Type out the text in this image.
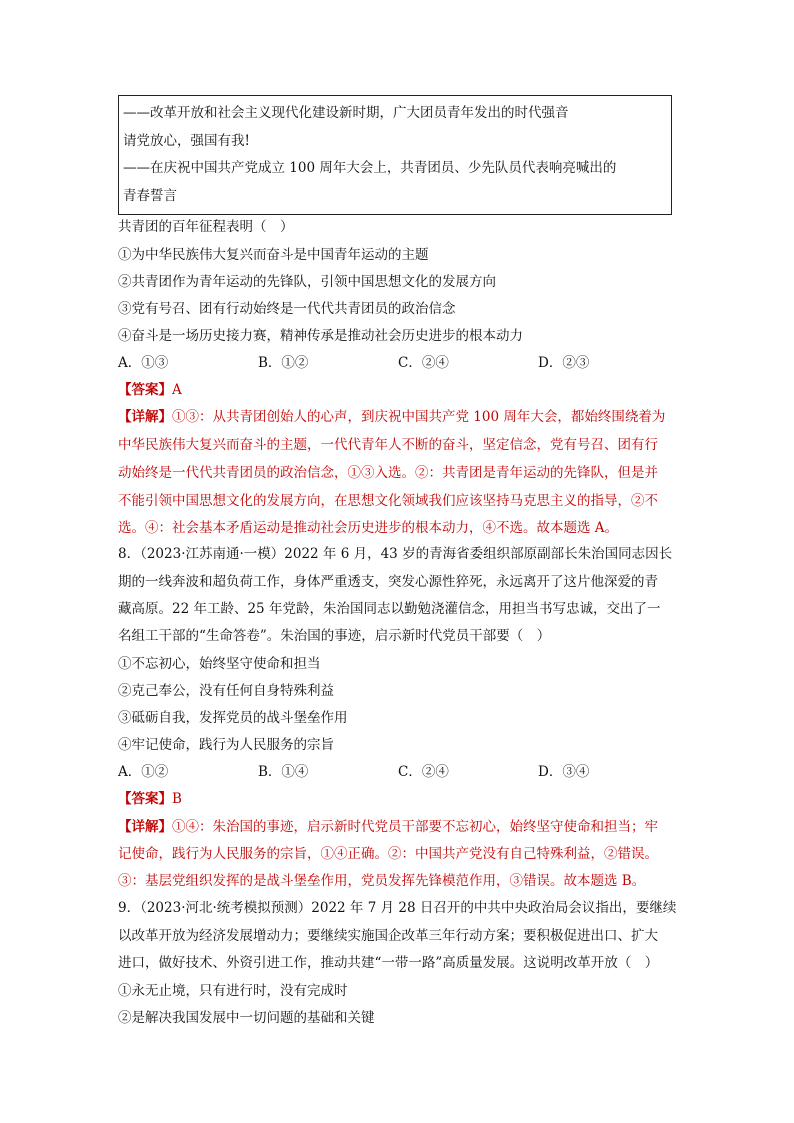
——改革开放和社会主义现代化建设新时期，广大团员青年发出的时代强音
请党放心，强国有我!
——在庆祝中国共产党成立 100 周年大会上，共青团员、少先队员代表响亮喊出的
青春誓言
共青团的百年征程表明（　）
①为中华民族伟大复兴而奋斗是中国青年运动的主题
②共青团作为青年运动的先锋队，引领中国思想文化的发展方向
③党有号召、团有行动始终是一代代共青团员的政治信念
④奋斗是一场历史接力赛，精神传承是推动社会历史进步的根本动力
A．①③	B．①②	C．②④	D．②③
【答案】A
【详解】①③：从共青团创始人的心声，到庆祝中国共产党 100 周年大会，都始终围绕着为
中华民族伟大复兴而奋斗的主题，一代代青年人不断的奋斗，坚定信念，党有号召、团有行
动始终是一代代共青团员的政治信念，①③入选。②：共青团是青年运动的先锋队，但是并
不能引领中国思想文化的发展方向，在思想文化领域我们应该坚持马克思主义的指导，②不
选。④：社会基本矛盾运动是推动社会历史进步的根本动力，④不选。故本题选 A。
8．（2023·江苏南通·一模）2022 年 6 月，43 岁的青海省委组织部原副部长朱治国同志因长
期的一线奔波和超负荷工作，身体严重透支，突发心源性猝死，永远离开了这片他深爱的青
藏高原。22 年工龄、25 年党龄，朱治国同志以勤勉浇灌信念，用担当书写忠诚，交出了一
名组工干部的“生命答卷”。朱治国的事迹，启示新时代党员干部要（　）
①不忘初心，始终坚守使命和担当
②克己奉公，没有任何自身特殊利益
③砥砺自我，发挥党员的战斗堡垒作用
④牢记使命，践行为人民服务的宗旨
A．①②	B．①④	C．②④	D．③④
【答案】B
【详解】①④：朱治国的事迹，启示新时代党员干部要不忘初心，始终坚守使命和担当；牢
记使命，践行为人民服务的宗旨，①④正确。②：中国共产党没有自己特殊利益，②错误。
③：基层党组织发挥的是战斗堡垒作用，党员发挥先锋模范作用，③错误。故本题选 B。
9．（2023·河北·统考模拟预测）2022 年 7 月 28 日召开的中共中央政治局会议指出，要继续
以改革开放为经济发展增动力；要继续实施国企改革三年行动方案；要积极促进出口、扩大
进口，做好技术、外资引进工作，推动共建“一带一路”高质量发展。这说明改革开放（　）
①永无止境，只有进行时，没有完成时
②是解决我国发展中一切问题的基础和关键
